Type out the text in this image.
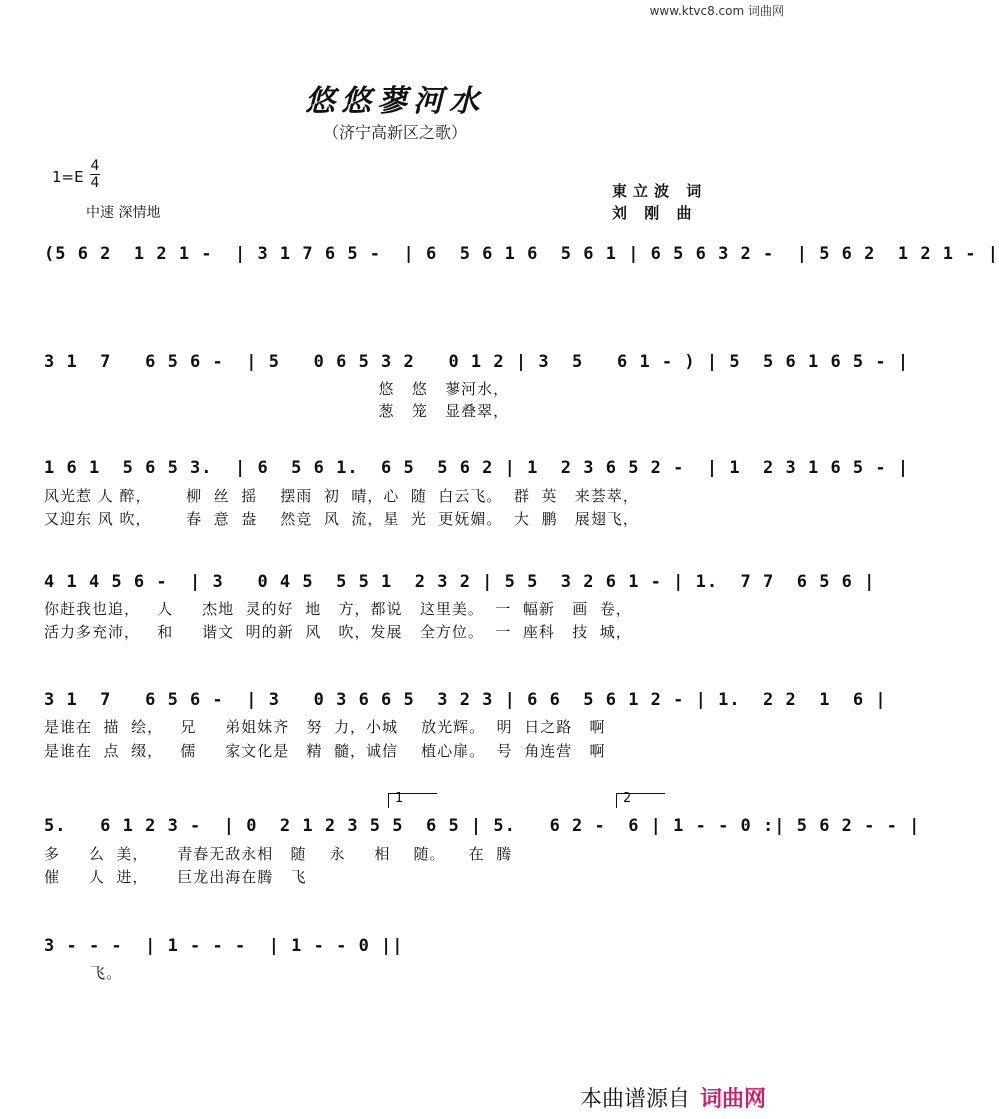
www.ktvc8.com 词曲网
悠悠蓼河水
（济宁高新区之歌）
1=E
4
4
中速 深情地
東立波 词
刘 刚 曲
(5 6 2  1 2 1 -  | 3 1 7 6 5 -  | 6  5 6 1 6  5 6 1 | 6 5 6 3 2 -  | 5 6 2  1 2 1 - |
3 1  7   6 5 6 -  | 5   0 6 5 3 2   0 1 2 | 3  5   6 1 - ) | 5  5 6 1 6 5 - |
悠   悠   蓼河水，
葱   笼   显叠翠，
1 6 1  5 6 5 3.  | 6  5 6 1.  6 5  5 6 2 | 1  2 3 6 5 2 -  | 1  2 3 1 6 5 - |
风光惹 人 醉，      柳  丝  摇    摆雨  初  晴，心  随  白云飞。  群  英   来荟萃，
又迎东 风 吹，      春  意  盎    然竞  风  流，星  光  更妩媚。  大  鹏   展翅飞，
4 1 4 5 6 -  | 3   0 4 5  5 5 1  2 3 2 | 5 5  3 2 6 1 - | 1.  7 7  6 5 6 |
你赶我也追，   人     杰地  灵的好  地   方，都说   这里美。  一  幅新   画  卷，
活力多充沛，   和     谐文  明的新  风   吹，发展   全方位。  一  座科   技  城，
3 1  7   6 5 6 -  | 3   0 3 6 6 5  3 2 3 | 6 6  5 6 1 2 - | 1.  2 2  1  6 |
是谁在  描  绘，   兄     弟姐妹齐   努  力，小城    放光辉。  明  日之路   啊
是谁在  点  缀，   儒     家文化是   精  髓，诚信    植心扉。  号  角连营   啊
1	2
5.   6 1 2 3 -  | 0  2 1 2 3 5 5  6 5 | 5.   6 2 -  6 | 1 - - 0 :| 5 6 2 - - |
多     么  美，     青春无敌永相   随    永     相    随。    在  腾
催     人  进，     巨龙出海在腾   飞
3 - - -  | 1 - - -  | 1 - - 0 ||
飞。
本曲谱源自 词曲网
